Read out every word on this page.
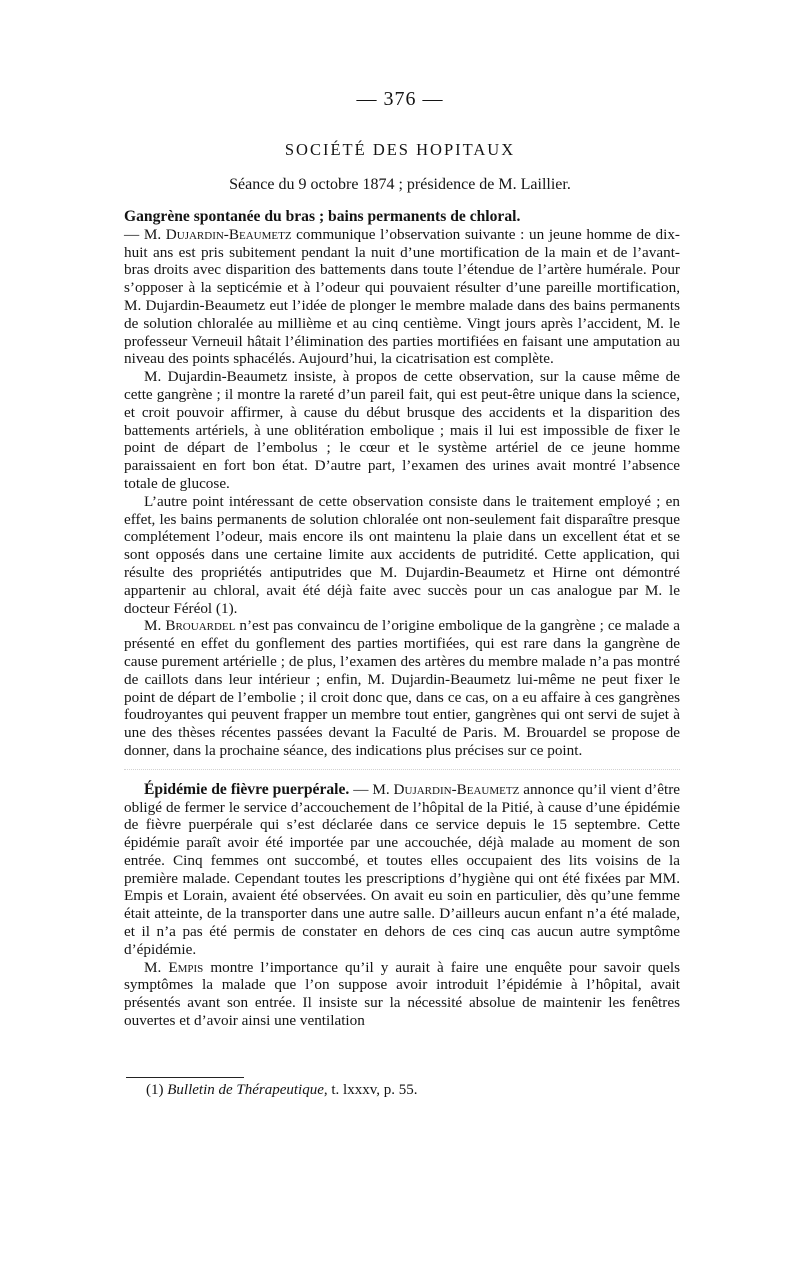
— 376 —
SOCIÉTÉ DES HOPITAUX
Séance du 9 octobre 1874 ; présidence de M. Laillier.

Gangrène spontanée du bras ; bains permanents de chloral.
— M. Dujardin-Beaumetz communique l’observation suivante : un jeune homme de dix-huit ans est pris subitement pendant la nuit d’une mortification de la main et de l’avant-bras droits avec disparition des battements dans toute l’étendue de l’artère humérale. Pour s’opposer à la septicémie et à l’odeur qui pouvaient résulter d’une pareille mortification, M. Dujardin-Beaumetz eut l’idée de plonger le membre malade dans des bains permanents de solution chloralée au millième et au cinq centième. Vingt jours après l’accident, M. le professeur Verneuil hâtait l’élimination des parties mortifiées en faisant une amputation au niveau des points sphacélés. Aujourd’hui, la cicatrisation est complète.

M. Dujardin-Beaumetz insiste, à propos de cette observation, sur la cause même de cette gangrène ; il montre la rareté d’un pareil fait, qui est peut-être unique dans la science, et croit pouvoir affirmer, à cause du début brusque des accidents et la disparition des battements artériels, à une oblitération embolique ; mais il lui est impossible de fixer le point de départ de l’embolus ; le cœur et le système artériel de ce jeune homme paraissaient en fort bon état. D’autre part, l’examen des urines avait montré l’absence totale de glucose.

L’autre point intéressant de cette observation consiste dans le traitement employé ; en effet, les bains permanents de solution chloralée ont non-seulement fait disparaître presque complétement l’odeur, mais encore ils ont maintenu la plaie dans un excellent état et se sont opposés dans une certaine limite aux accidents de putridité. Cette application, qui résulte des propriétés antiputrides que M. Dujardin-Beaumetz et Hirne ont démontré appartenir au chloral, avait été déjà faite avec succès pour un cas analogue par M. le docteur Féréol (1).

M. Brouardel n’est pas convaincu de l’origine embolique de la gangrène ; ce malade a présenté en effet du gonflement des parties mortifiées, qui est rare dans la gangrène de cause purement artérielle ; de plus, l’examen des artères du membre malade n’a pas montré de caillots dans leur intérieur ; enfin, M. Dujardin-Beaumetz lui-même ne peut fixer le point de départ de l’embolie ; il croit donc que, dans ce cas, on a eu affaire à ces gangrènes foudroyantes qui peuvent frapper un membre tout entier, gangrènes qui ont servi de sujet à une des thèses récentes passées devant la Faculté de Paris. M. Brouardel se propose de donner, dans la prochaine séance, des indications plus précises sur ce point.

Épidémie de fièvre puerpérale. — M. Dujardin-Beaumetz annonce qu’il vient d’être obligé de fermer le service d’accouchement de l’hôpital de la Pitié, à cause d’une épidémie de fièvre puerpérale qui s’est déclarée dans ce service depuis le 15 septembre. Cette épidémie paraît avoir été importée par une accouchée, déjà malade au moment de son entrée. Cinq femmes ont succombé, et toutes elles occupaient des lits voisins de la première malade. Cependant toutes les prescriptions d’hygiène qui ont été fixées par MM. Empis et Lorain, avaient été observées. On avait eu soin en particulier, dès qu’une femme était atteinte, de la transporter dans une autre salle. D’ailleurs aucun enfant n’a été malade, et il n’a pas été permis de constater en dehors de ces cinq cas aucun autre symptôme d’épidémie.

M. Empis montre l’importance qu’il y aurait à faire une enquête pour savoir quels symptômes la malade que l’on suppose avoir introduit l’épidémie à l’hôpital, avait présentés avant son entrée. Il insiste sur la nécessité absolue de maintenir les fenêtres ouvertes et d’avoir ainsi une ventilation

(1) Bulletin de Thérapeutique, t. lxxxv, p. 55.
